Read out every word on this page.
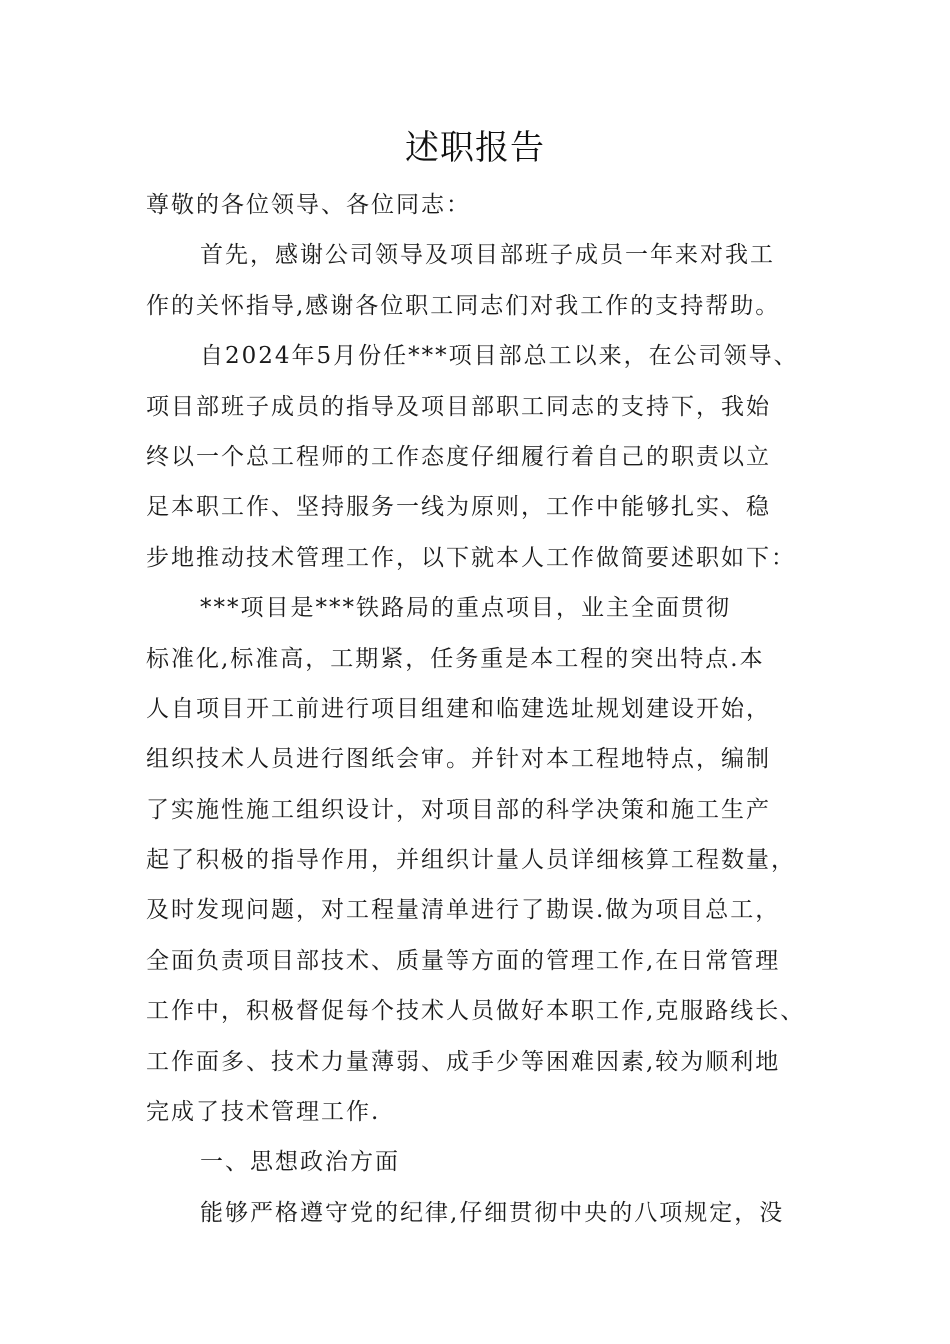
述职报告
尊敬的各位领导、各位同志：
首先，感谢公司领导及项目部班子成员一年来对我工
作的关怀指导,感谢各位职工同志们对我工作的支持帮助。
自2024年5月份任***项目部总工以来，在公司领导、
项目部班子成员的指导及项目部职工同志的支持下，我始
终以一个总工程师的工作态度仔细履行着自己的职责以立
足本职工作、坚持服务一线为原则，工作中能够扎实、稳
步地推动技术管理工作，以下就本人工作做简要述职如下：
***项目是***铁路局的重点项目，业主全面贯彻
标准化,标准高，工期紧，任务重是本工程的突出特点.本
人自项目开工前进行项目组建和临建选址规划建设开始，
组织技术人员进行图纸会审。并针对本工程地特点，编制
了实施性施工组织设计，对项目部的科学决策和施工生产
起了积极的指导作用，并组织计量人员详细核算工程数量，
及时发现问题，对工程量清单进行了勘误.做为项目总工，
全面负责项目部技术、质量等方面的管理工作,在日常管理
工作中，积极督促每个技术人员做好本职工作,克服路线长、
工作面多、技术力量薄弱、成手少等困难因素,较为顺利地
完成了技术管理工作.
一、思想政治方面
能够严格遵守党的纪律,仔细贯彻中央的八项规定，没
